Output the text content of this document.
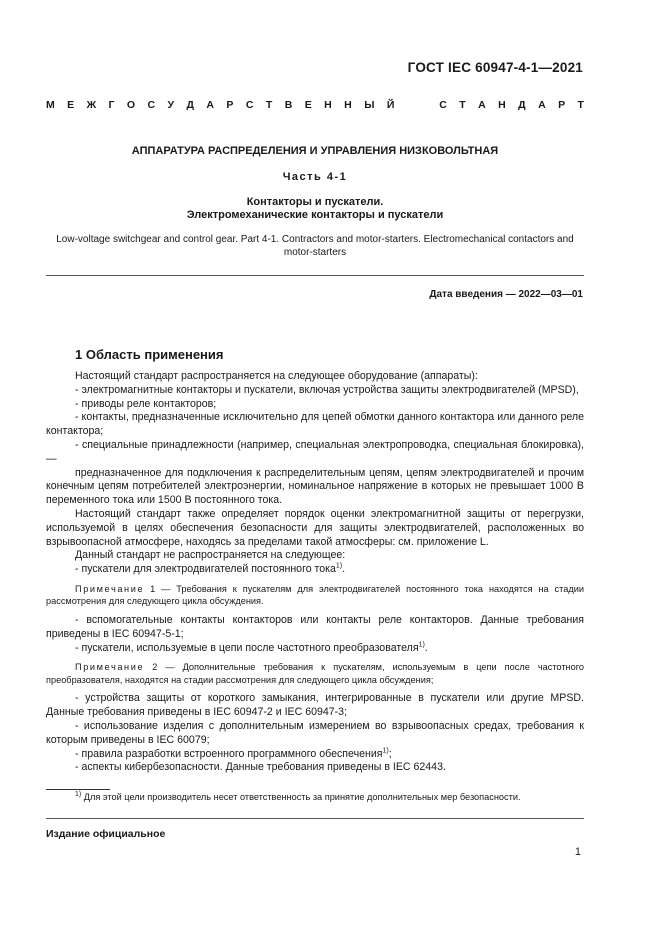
ГОСТ IEC 60947-4-1—2021
М Е Ж Г О С У Д А Р С Т В Е Н Н Ы Й	С Т А Н Д А Р Т
АППАРАТУРА РАСПРЕДЕЛЕНИЯ И УПРАВЛЕНИЯ НИЗКОВОЛЬТНАЯ
Часть 4-1
Контакторы и пускатели.
Электромеханические контакторы и пускатели
Low-voltage switchgear and control gear. Part 4-1. Contractors and motor-starters. Electromechanical contactors and motor-starters
Дата введения — 2022—03—01
1 Область применения

Настоящий стандарт распространяется на следующее оборудование (аппараты):

- электромагнитные контакторы и пускатели, включая устройства защиты электродвигателей (MPSD),

- приводы реле контакторов;

- контакты, предназначенные исключительно для цепей обмотки данного контактора или данного реле контактора;

- специальные принадлежности (например, специальная электропроводка, специальная блокировка), —

предназначенное для подключения к распределительным цепям, цепям электродвигателей и прочим конечным цепям потребителей электроэнергии, номинальное напряжение в которых не превышает 1000 В переменного тока или 1500 В постоянного тока.

Настоящий стандарт также определяет порядок оценки электромагнитной защиты от перегрузки, используемой в целях обеспечения безопасности для защиты электродвигателей, расположенных во взрывоопасной атмосфере, находясь за пределами такой атмосферы: см. приложение L.

Данный стандарт не распространяется на следующее:

- пускатели для электродвигателей постоянного тока$^{1)}$.

Примечание 1 — Требования к пускателям для электродвигателей постоянного тока находятся на стадии рассмотрения для следующего цикла обсуждения.

- вспомогательные контакты контакторов или контакты реле контакторов. Данные требования приведены в IEC 60947-5-1;

- пускатели, используемые в цепи после частотного преобразователя$^{1)}$.

Примечание 2 — Дополнительные требования к пускателям, используемым в цепи после частотного преобразователя, находятся на стадии рассмотрения для следующего цикла обсуждения;

- устройства защиты от короткого замыкания, интегрированные в пускатели или другие MPSD. Данные требования приведены в IEC 60947-2 и IEC 60947-3;

- использование изделия с дополнительным измерением во взрывоопасных средах, требования к которым приведены в IEC 60079;

- правила разработки встроенного программного обеспечения$^{1)}$;

- аспекты кибербезопасности. Данные требования приведены в IEC 62443.

$^{1)}$ Для этой цели производитель несет ответственность за принятие дополнительных мер безопасности.
Издание официальное
1
